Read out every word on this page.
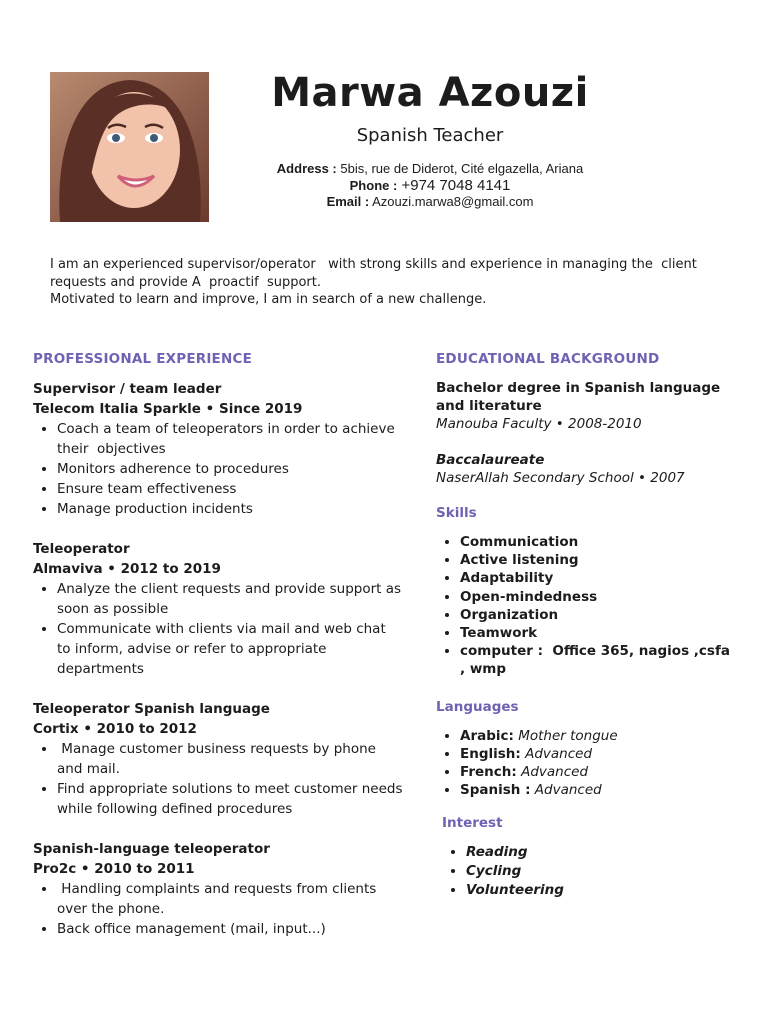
Marwa Azouzi
Spanish Teacher
Address : 5bis, rue de Diderot, Cité elgazella, Ariana
Phone : +974 7048 4141
Email : Azouzi.marwa8@gmail.com

I am an experienced supervisor/operator   with strong skills and experience in managing the  client requests and provide A  proactif  support.

Motivated to learn and improve, I am in search of a new challenge.

PROFESSIONAL EXPERIENCE
Supervisor / team leader
Telecom Italia Sparkle • Since 2019
• Coach a team of teleoperators in order to achieve their  objectives
• Monitors adherence to procedures
• Ensure team effectiveness
• Manage production incidents
Teleoperator
Almaviva • 2012 to 2019
• Analyze the client requests and provide support as soon as possible
• Communicate with clients via mail and web chat to inform, advise or refer to appropriate departments
Teleoperator Spanish language
Cortix • 2010 to 2012
•  Manage customer business requests by phone and mail.
• Find appropriate solutions to meet customer needs while following defined procedures
Spanish-language teleoperator
Pro2c • 2010 to 2011
•  Handling complaints and requests from clients over the phone.
• Back office management (mail, input...)
EDUCATIONAL BACKGROUND
Bachelor degree in Spanish language and literature
Manouba Faculty • 2008-2010
Baccalaureate
NaserAllah Secondary School • 2007
Skills
• Communication
• Active listening
• Adaptability
• Open-mindedness
• Organization
• Teamwork
• computer :  Office 365, nagios ,csfa  , wmp
Languages
• Arabic: Mother tongue
• English: Advanced
• French: Advanced
• Spanish : Advanced
Interest
• Reading
• Cycling
• Volunteering
